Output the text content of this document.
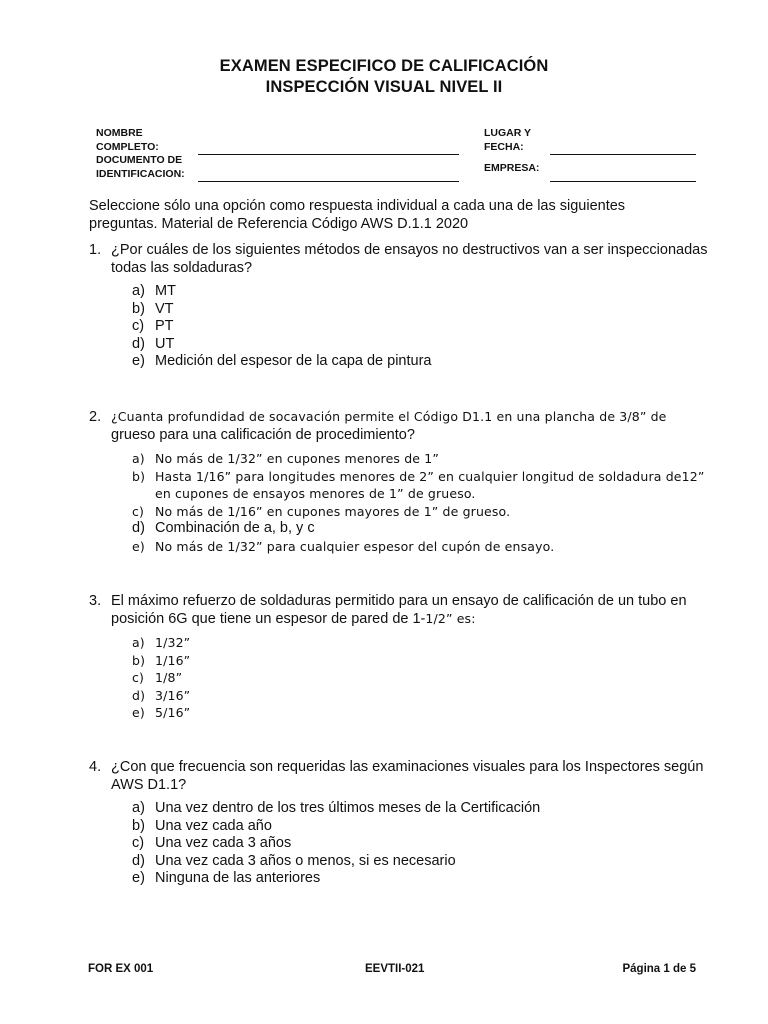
EXAMEN ESPECIFICO DE CALIFICACIÓN
INSPECCIÓN VISUAL NIVEL II
NOMBRE
COMPLETO:
DOCUMENTO DE
IDENTIFICACION:
LUGAR Y
FECHA:
EMPRESA:
Seleccione sólo una opción como respuesta individual a cada una de las siguientes preguntas. Material de Referencia Código AWS D.1.1 2020
1. ¿Por cuáles de los siguientes métodos de ensayos no destructivos van a ser inspeccionadas todas las soldaduras?
a) MT
b) VT
c) PT
d) UT
e) Medición del espesor de la capa de pintura
2. ¿Cuanta profundidad de socavación permite el Código D1.1 en una plancha de 3/8” de
grueso para una calificación de procedimiento?
a) No más de 1/32” en cupones menores de 1”
b) Hasta 1/16” para longitudes menores de 2” en cualquier longitud de soldadura de12” en cupones de ensayos menores de 1” de grueso.
c) No más de 1/16” en cupones mayores de 1” de grueso.
d) Combinación de a, b, y c
e) No más de 1/32” para cualquier espesor del cupón de ensayo.
3. El máximo refuerzo de soldaduras permitido para un ensayo de calificación de un tubo en posición 6G que tiene un espesor de pared de 1-1/2” es:
a) 1/32”
b) 1/16”
c) 1/8”
d) 3/16”
e) 5/16”
4. ¿Con que frecuencia son requeridas las examinaciones visuales para los Inspectores según AWS D1.1?
a) Una vez dentro de los tres últimos meses de la Certificación
b) Una vez cada año
c) Una vez cada 3 años
d) Una vez cada 3 años o menos, si es necesario
e) Ninguna de las anteriores
FOR EX 001	EEVTII-021	Página 1 de 5
